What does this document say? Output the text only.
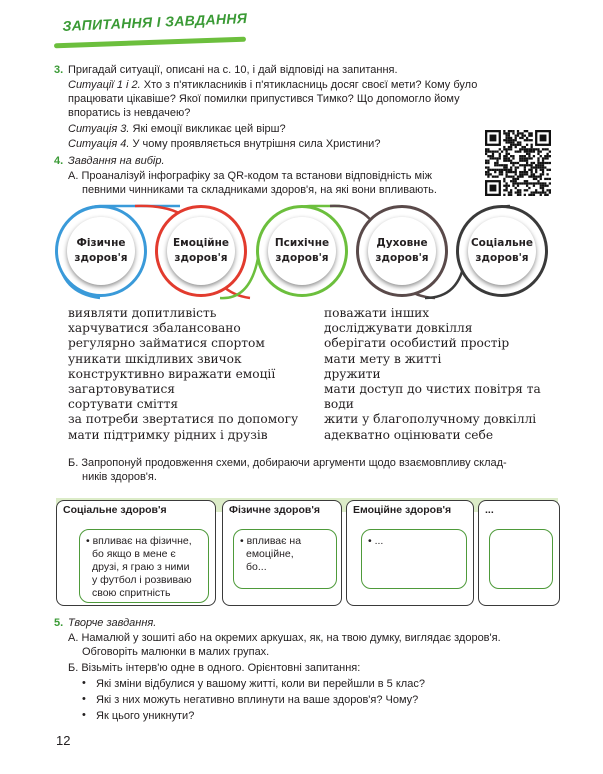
ЗАПИТАННЯ І ЗАВДАННЯ
3. Пригадай ситуації, описані на с. 10, і дай відповіді на запитання.
Ситуації 1 і 2. Хто з п'ятикласників і п'ятикласниць досяг своєї мети? Кому було
працювати цікавіше? Якої помилки припустився Тимко? Що допомогло йому
впоратись із невдачею?
Ситуація 3. Які емоції викликає цей вірш?
Ситуація 4. У чому проявляється внутрішня сила Христини?
4. Завдання на вибір.
А. Проаналізуй інфографіку за QR-кодом та встанови відповідність між
певними чинниками та складниками здоров'я, на які вони впливають.
Фізичне
здоров'я
Емоційне
здоров'я
Психічне
здоров'я
Духовне
здоров'я
Соціальне
здоров'я
виявляти допитливість
харчуватися збалансовано
регулярно займатися спортом
уникати шкідливих звичок
конструктивно виражати емоції
загартовуватися
сортувати сміття
за потреби звертатися по допомогу
мати підтримку рідних і друзів
поважати інших
досліджувати довкілля
оберігати особистий простір
мати мету в житті
дружити
мати доступ до чистих повітря та
води
жити у благополучному довкіллі
адекватно оцінювати себе
Б. Запропонуй продовження схеми, добираючи аргументи щодо взаємовпливу склад-
ників здоров'я.
Соціальне здоров'я
• впливає на фізичне,
бо якщо в мене є
друзі, я граю з ними
у футбол і розвиваю
свою спритність
Фізичне здоров'я
• впливає на
емоційне,
бо...
Емоційне здоров'я
• ...
...
5. Творче завдання.
А. Намалюй у зошиті або на окремих аркушах, як, на твою думку, виглядає здоров'я.
Обговоріть малюнки в малих групах.
Б. Візьміть інтерв'ю одне в одного. Орієнтовні запитання:
• Які зміни відбулися у вашому житті, коли ви перейшли в 5 клас?
• Які з них можуть негативно вплинути на ваше здоров'я? Чому?
• Як цього уникнути?
12
